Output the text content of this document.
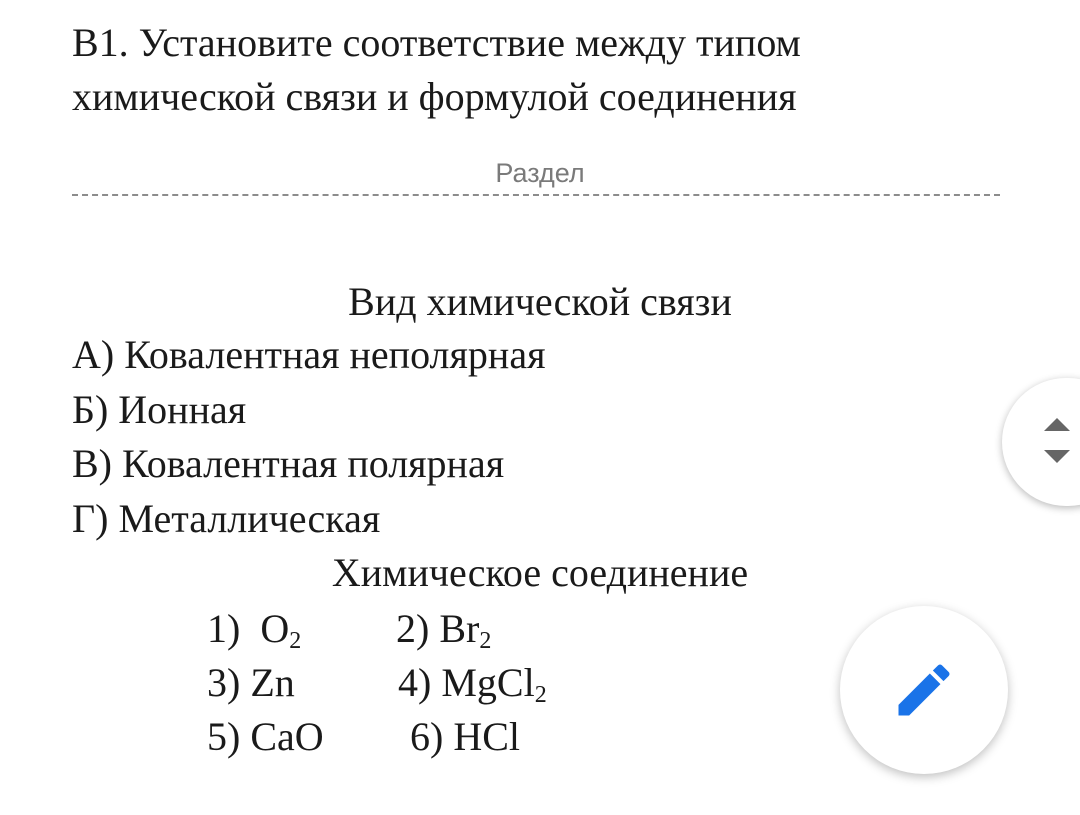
B1. Установите соответствие между типом
химической связи и формулой соединения
Раздел
Вид химической связи
А) Ковалентная неполярная
Б) Ионная
В) Ковалентная полярная
Г) Металлическая
Химическое соединение
1) $O_2$ 2) $Br_2$
3) Zn	4) MgCl$_2$
5) CaO 6) HCl
